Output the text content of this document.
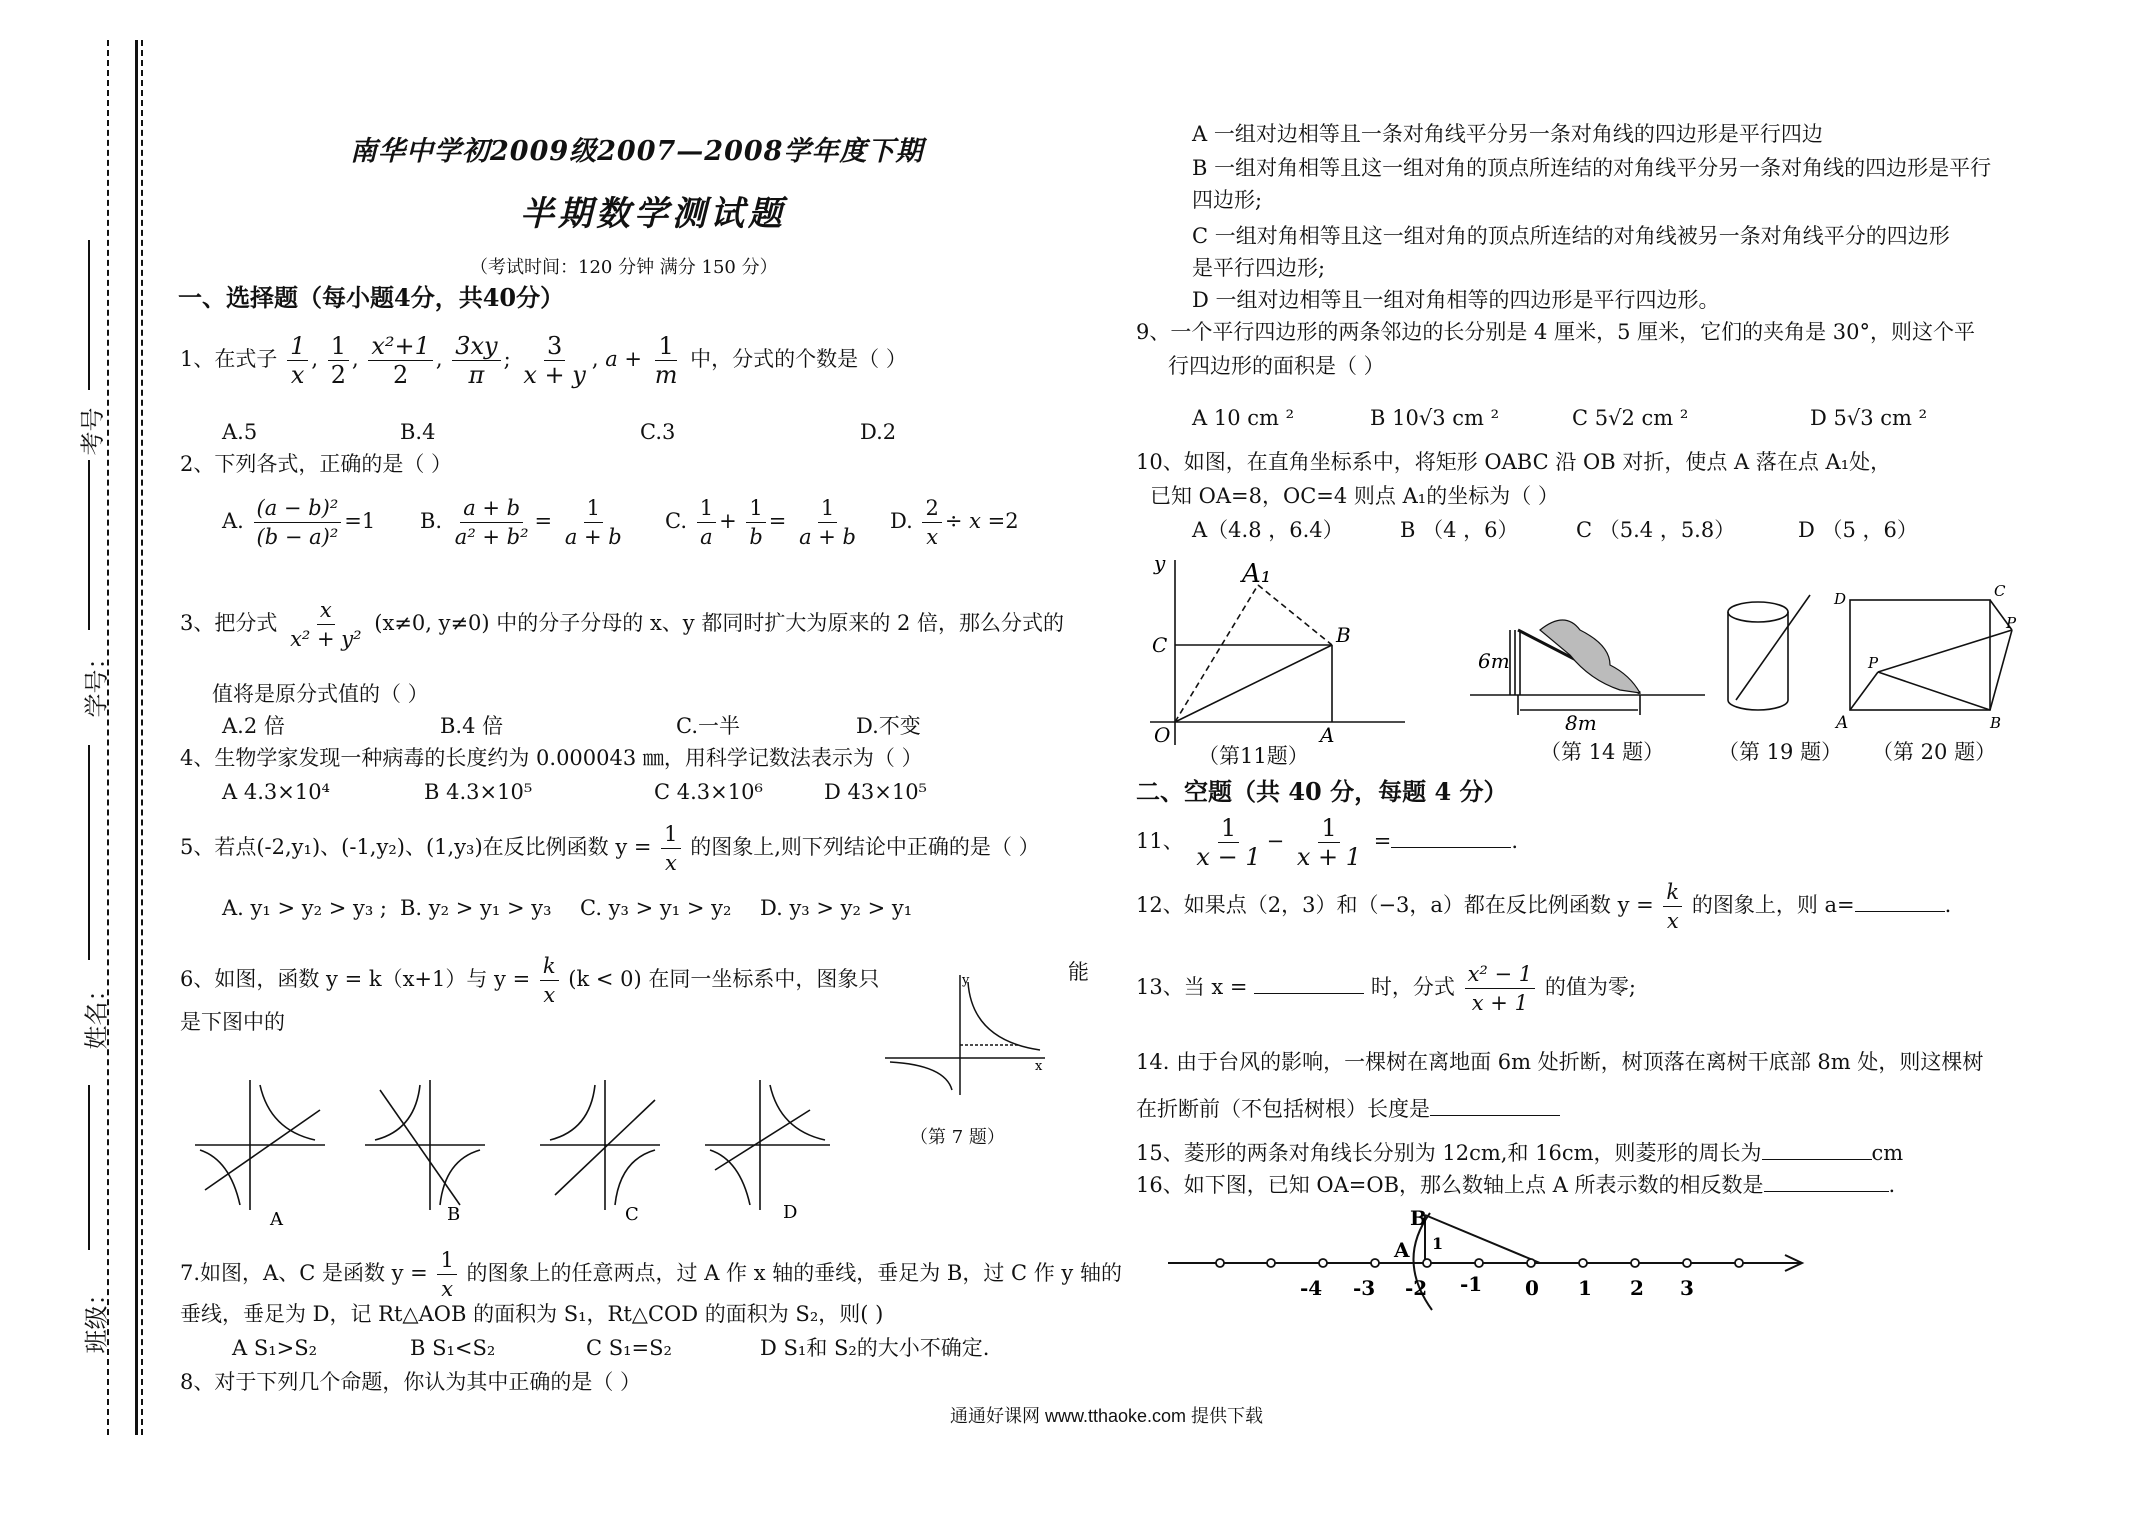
考号
学号：
姓名：
班级：
南华中学初2009级2007—2008学年度下期
半期数学测试题
（考试时间：120 分钟 满分 150 分）
一、选择题（每小题4分，共40分）
1、在式子 $\frac{1}{x}$ , $\frac{1}{2}$ , $\frac{\text{x²+1}}{2}$ , $\frac{3xy}{\pi}$ ; $\frac{3}{x + y}$ , $a + \frac{1}{m}$ 中，分式的个数是（ ）
A.5	B.4	C.3	D.2
2、下列各式，正确的是（ ）
A. $\frac{\text{(a − b)²}}{\text{(b − a)²}} =1$ B. $\frac{a + b}{\text{a² + b²}} = \frac{1}{a + b} C$. $\frac{1}{a} + \frac{1}{b} = \frac{1}{a + b} D$. $\frac{2}{x} \div x =2$
3、把分式 $\frac{x}{\text{x² + y²}} (x\ne 0$, y≠0) 中的分子分母的 x、y 都同时扩大为原来的 2 倍，那么分式的
值将是原分式值的（ ）
A.2 倍	B.4 倍	C.一半	D.不变
4、生物学家发现一种病毒的长度约为 0.000043 ㎜，用科学记数法表示为（ ）
A 4.3×10⁴	B 4.3×10⁵	C 4.3×10⁶	D 43×10⁵
5、若点(-2,y₁)、(-1,y₂)、(1,y₃)在反比例函数 $y = \frac{1}{x}$ 的图象上,则下列结论中正确的是（ ）
A. y₁ > y₂ > y₃ ; B. y₂ > y₁ > y₃ C. y₃ > y₁ > y₂ D. y₃ > y₂ > y₁
6、如图，函数 y = k（x+1）与 $y = \frac{k}{x} (k < 0)$ 在同一坐标系中，图象只	能
是下图中的
A	B	C	D
y
x
（第 7 题）
7.如图，A、C 是函数 $y = \frac{1}{x}$ 的图象上的任意两点，过 A 作 x 轴的垂线，垂足为 B，过 C 作 y 轴的
垂线，垂足为 D，记 Rt△AOB 的面积为 S₁，Rt△COD 的面积为 S₂，则( )
A S₁>S₂	B S₁<S₂	C S₁=S₂	D S₁和 S₂的大小不确定.
8、对于下列几个命题，你认为其中正确的是（ ）
A 一组对边相等且一条对角线平分另一条对角线的四边形是平行四边
B 一组对角相等且这一组对角的顶点所连结的对角线平分另一条对角线的四边形是平行
四边形;
C 一组对角相等且这一组对角的顶点所连结的对角线被另一条对角线平分的四边形
是平行四边形;
D 一组对边相等且一组对角相等的四边形是平行四边形。
9、一个平行四边形的两条邻边的长分别是 4 厘米，5 厘米，它们的夹角是 30°，则这个平
行四边形的面积是（ ）
A 10 cm ²	B 10√3 cm ²	C 5√2 cm ²	D 5√3 cm ²
10、如图，在直角坐标系中，将矩形 OABC 沿 OB 对折，使点 A 落在点 A₁处，
已知 OA=8，OC=4 则点 A₁的坐标为（ ）
A（4.8 ，6.4）	B （4 ，6）	C （5.4 ，5.8）	D （5 ，6）
y
C
A₁
B
O	A
（第11题）
6m
8m
（第 14 题）	（第 19 题）
D	C
P
P
A	B
（第 20 题）
二、空题（共 40 分，每题 4 分）
11、 $\frac{1}{x - 1} - \frac{1}{x + 1}$ =	.
12、如果点（2，3）和（−3，a）都在反比例函数 $y = \frac{k}{x}$ 的图象上，则 a=	.
13、当 x =	时，分式 $\frac{\text{x² − 1}}{x + 1}$ 的值为零;
14. 由于台风的影响，一棵树在离地面 6m 处折断，树顶落在离树干底部 8m 处，则这棵树
在折断前（不包括树根）长度是
15、菱形的两条对角线长分别为 12cm,和 16cm，则菱形的周长为	cm
16、如下图，已知 OA=OB，那么数轴上点 A 所表示数的相反数是	.
-4 -3 -2 -1 0 1 2 3
A
B
1
通通好课网 www.tthaoke.com 提供下载
